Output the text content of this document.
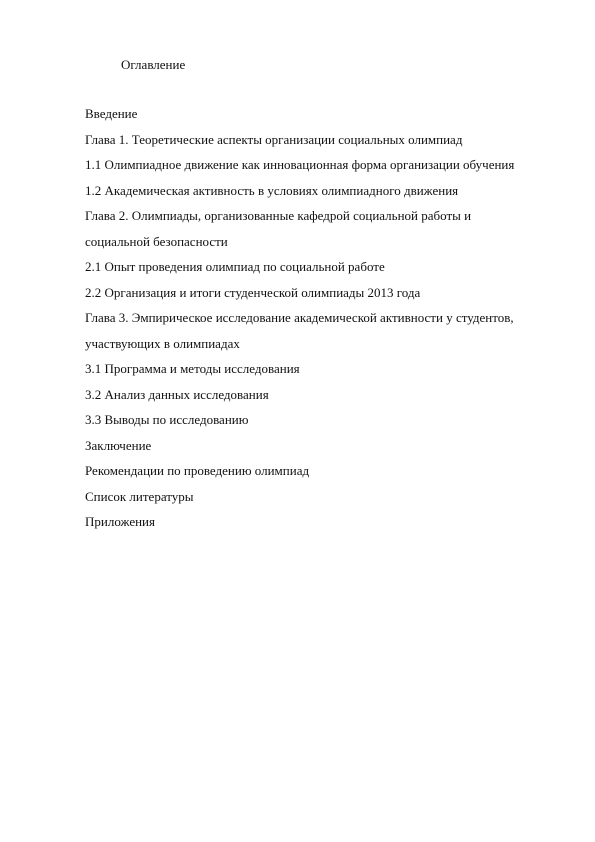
Оглавление
Введение
Глава 1. Теоретические аспекты организации социальных олимпиад
1.1 Олимпиадное движение как инновационная форма организации обучения
1.2 Академическая активность в условиях олимпиадного движения
Глава 2. Олимпиады, организованные кафедрой социальной работы и
социальной безопасности
2.1 Опыт проведения олимпиад по социальной работе
2.2 Организация и итоги студенческой олимпиады 2013 года
Глава 3. Эмпирическое исследование академической активности у студентов,
участвующих в олимпиадах
3.1 Программа и методы исследования
3.2 Анализ данных исследования
3.3 Выводы по исследованию
Заключение
Рекомендации по проведению олимпиад
Список литературы
Приложения
